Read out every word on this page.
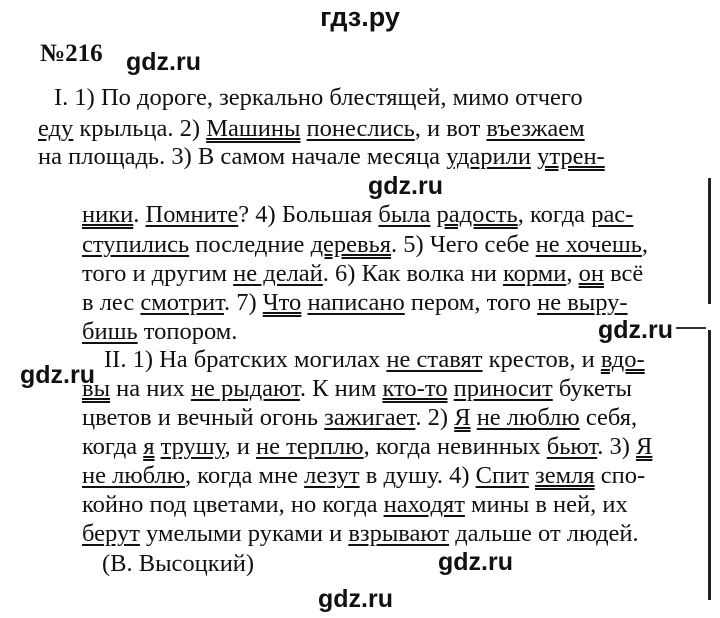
гдз.ру
№216 gdz.ru
gdz.ru
gdz.ru
gdz.ru
gdz.ru
gdz.ru
I. 1) По дороге, зеркально блестящей, мимо отчего
еду крыльца. 2) Машины понеслись, и вот въезжаем
на площадь. 3) В самом начале месяца ударили утрен-
ники. Помните? 4) Большая была радость, когда рас-
ступились последние деревья. 5) Чего себе не хочешь,
того и другим не делай. 6) Как волка ни корми, он всё
в лес смотрит. 7) Что написано пером, того не выру-
бишь топором.
II. 1) На братских могилах не ставят крестов, и вдо-
вы на них не рыдают. К ним кто-то приносит букеты
цветов и вечный огонь зажигает. 2) Я не люблю себя,
когда я трушу, и не терплю, когда невинных бьют. 3) Я
не люблю, когда мне лезут в душу. 4) Спит земля спо-
койно под цветами, но когда находят мины в ней, их
берут умелыми руками и взрывают дальше от людей.
(В. Высоцкий)
